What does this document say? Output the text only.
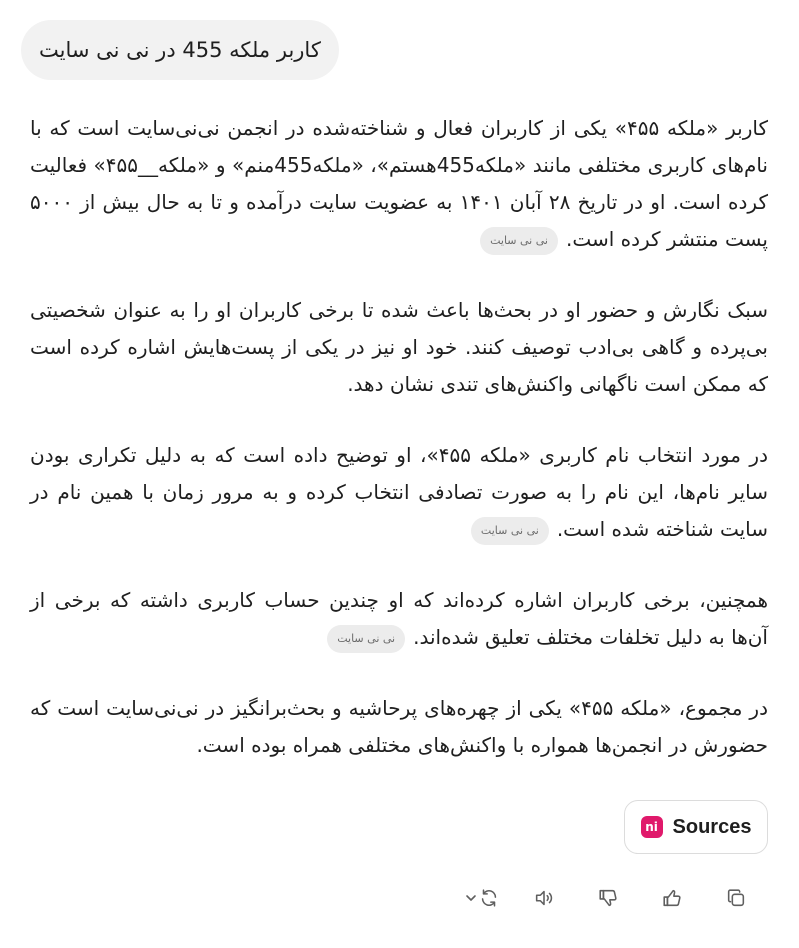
کاربر ملکه 455 در نی نی سایت

کاربر «ملکه ۴۵۵» یکی از کاربران فعال و شناخته‌شده در انجمن نی‌نی‌سایت است که با نام‌های کاربری مختلفی مانند «ملکه455هستم»، «ملکه455منم» و «ملکه__۴۵۵» فعالیت کرده است. او در تاریخ ۲۸ آبان ۱۴۰۱ به عضویت سایت درآمده و تا به حال بیش از ۵۰۰۰ پست منتشر کرده است.نی نی سایت

سبک نگارش و حضور او در بحث‌ها باعث شده تا برخی کاربران او را به عنوان شخصیتی بی‌پرده و گاهی بی‌ادب توصیف کنند. خود او نیز در یکی از پست‌هایش اشاره کرده است که ممکن است ناگهانی واکنش‌های تندی نشان دهد.

در مورد انتخاب نام کاربری «ملکه ۴۵۵»، او توضیح داده است که به دلیل تکراری بودن سایر نام‌ها، این نام را به صورت تصادفی انتخاب کرده و به مرور زمان با همین نام در سایت شناخته شده است.نی نی سایت

همچنین، برخی کاربران اشاره کرده‌اند که او چندین حساب کاربری داشته که برخی از آن‌ها به دلیل تخلفات مختلف تعلیق شده‌اند.نی نی سایت

در مجموع، «ملکه ۴۵۵» یکی از چهره‌های پرحاشیه و بحث‌برانگیز در نی‌نی‌سایت است که حضورش در انجمن‌ها همواره با واکنش‌های مختلفی همراه بوده است.

ni Sources
